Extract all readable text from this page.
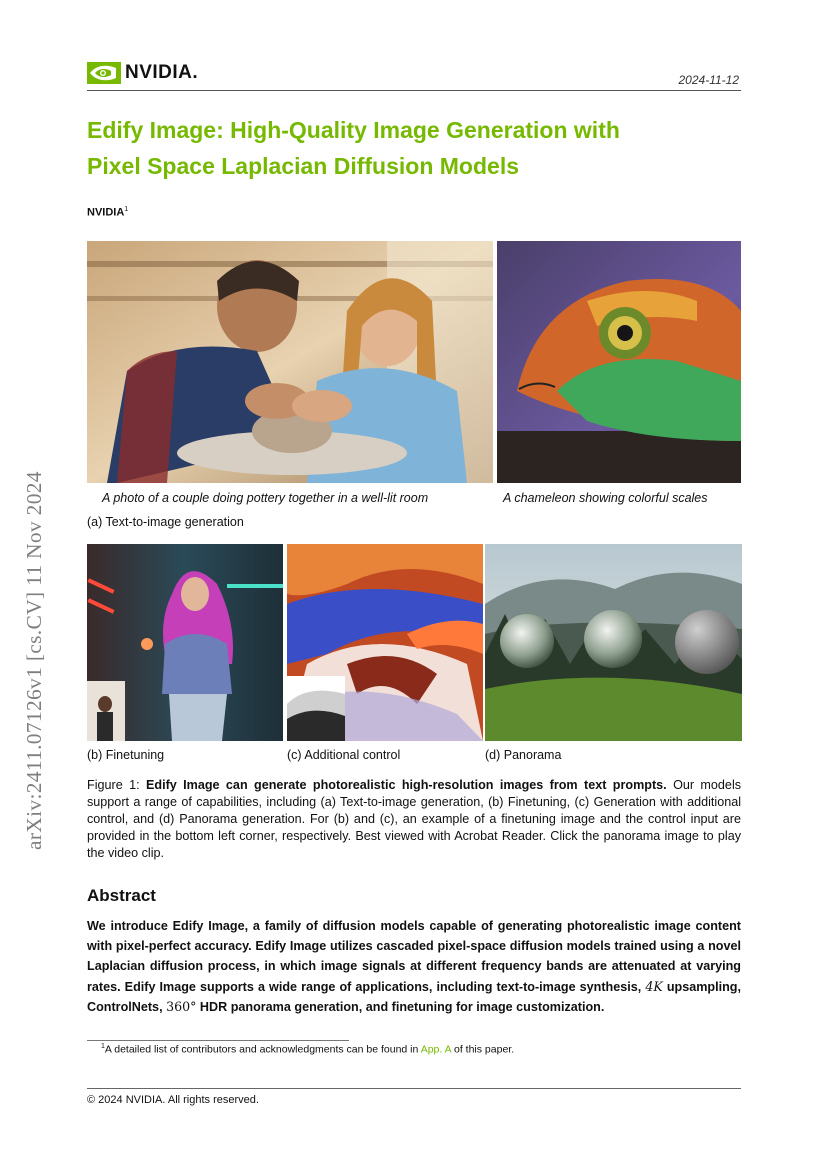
NVIDIA.	2024-11-12
Edify Image: High-Quality Image Generation with
Pixel Space Laplacian Diffusion Models
NVIDIA$^1$
arXiv:2411.07126v1 [cs.CV] 11 Nov 2024	A photo of a couple doing pottery together in a well-lit room	A chameleon showing colorful scales
(a) Text-to-image generation
(b) Finetuning	(c) Additional control	(d) Panorama
Figure 1: Edify Image can generate photorealistic high-resolution images from text prompts. Our models support a range of capabilities, including (a) Text-to-image generation, (b) Finetuning, (c) Generation with additional control, and (d) Panorama generation. For (b) and (c), an example of a finetuning image and the control input are provided in the bottom left corner, respectively. Best viewed with Acrobat Reader. Click the panorama image to play the video clip.
Abstract
We introduce Edify Image, a family of diffusion models capable of generating photorealistic image content with pixel-perfect accuracy. Edify Image utilizes cascaded pixel-space diffusion models trained using a novel Laplacian diffusion process, in which image signals at different frequency bands are attenuated at varying rates. Edify Image supports a wide range of applications, including text-to-image synthesis, 4K upsampling, ControlNets, 360° HDR panorama generation, and finetuning for image customization.
$^1$A detailed list of contributors and acknowledgments can be found in App. A of this paper.
© 2024 NVIDIA. All rights reserved.
